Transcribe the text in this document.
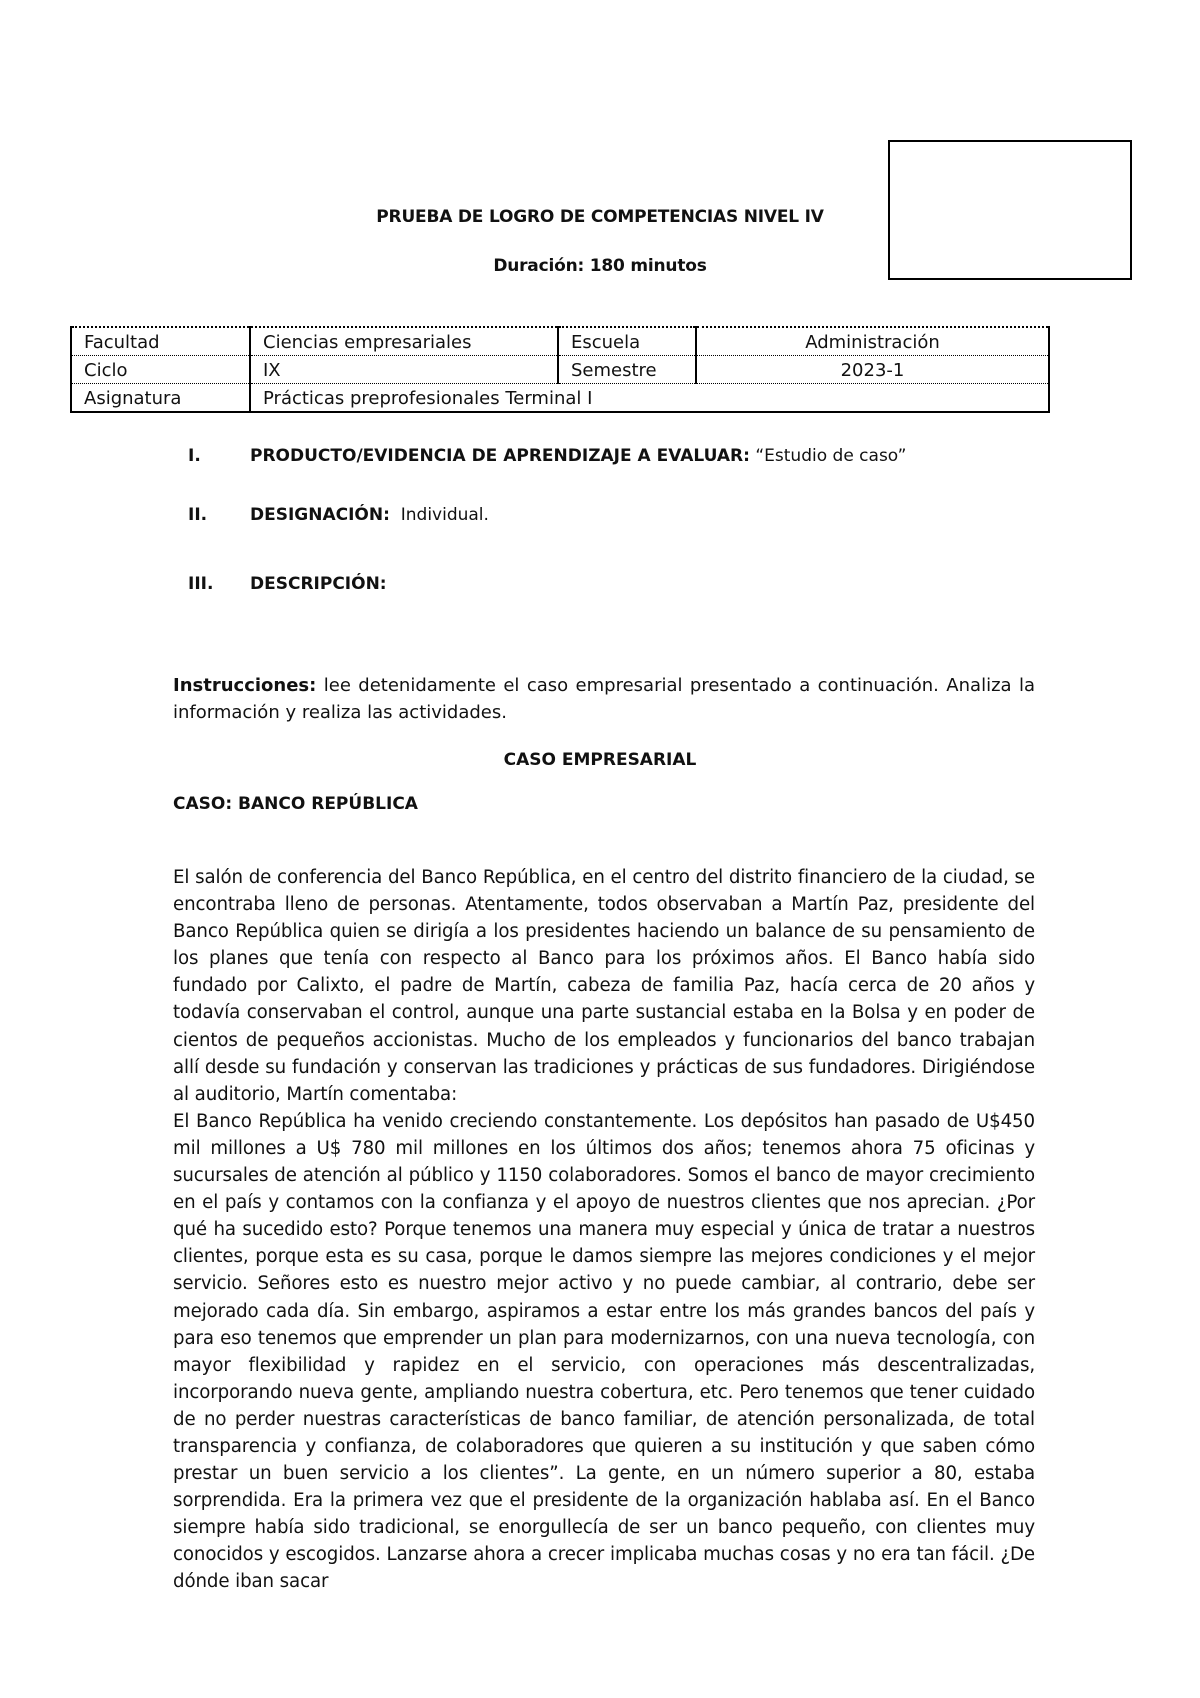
PRUEBA DE LOGRO DE COMPETENCIAS NIVEL IV
Duración: 180 minutos
Facultad	Ciencias empresariales	Escuela	Administración
Ciclo	IX	Semestre	2023-1
Asignatura	Prácticas preprofesionales Terminal I		
I.	PRODUCTO/EVIDENCIA DE APRENDIZAJE A EVALUAR: “Estudio de caso”
II.	DESIGNACIÓN: Individual.
III. DESCRIPCIÓN:
Instrucciones: lee detenidamente el caso empresarial presentado a continuación. Analiza la información y realiza las actividades.
CASO EMPRESARIAL
CASO: BANCO REPÚBLICA

El salón de conferencia del Banco República, en el centro del distrito financiero de la ciudad, se encontraba lleno de personas. Atentamente, todos observaban a Martín Paz, presidente del Banco República quien se dirigía a los presidentes haciendo un balance de su pensamiento de los planes que tenía con respecto al Banco para los próximos años. El Banco había sido fundado por Calixto, el padre de Martín, cabeza de familia Paz, hacía cerca de 20 años y todavía conservaban el control, aunque una parte sustancial estaba en la Bolsa y en poder de cientos de pequeños accionistas. Mucho de los empleados y funcionarios del banco trabajan allí desde su fundación y conservan las tradiciones y prácticas de sus fundadores. Dirigiéndose al auditorio, Martín comentaba:

El Banco República ha venido creciendo constantemente. Los depósitos han pasado de U$450 mil millones a U$ 780 mil millones en los últimos dos años; tenemos ahora 75 oficinas y sucursales de atención al público y 1150 colaboradores. Somos el banco de mayor crecimiento en el país y contamos con la confianza y el apoyo de nuestros clientes que nos aprecian. ¿Por qué ha sucedido esto? Porque tenemos una manera muy especial y única de tratar a nuestros clientes, porque esta es su casa, porque le damos siempre las mejores condiciones y el mejor servicio. Señores esto es nuestro mejor activo y no puede cambiar, al contrario, debe ser mejorado cada día. Sin embargo, aspiramos a estar entre los más grandes bancos del país y para eso tenemos que emprender un plan para modernizarnos, con una nueva tecnología, con mayor flexibilidad y rapidez en el servicio, con operaciones más descentralizadas, incorporando nueva gente, ampliando nuestra cobertura, etc. Pero tenemos que tener cuidado de no perder nuestras características de banco familiar, de atención personalizada, de total transparencia y confianza, de colaboradores que quieren a su institución y que saben cómo prestar un buen servicio a los clientes”. La gente, en un número superior a 80, estaba sorprendida. Era la primera vez que el presidente de la organización hablaba así. En el Banco siempre había sido tradicional, se enorgullecía de ser un banco pequeño, con clientes muy conocidos y escogidos. Lanzarse ahora a crecer implicaba muchas cosas y no era tan fácil. ¿De dónde iban sacar
